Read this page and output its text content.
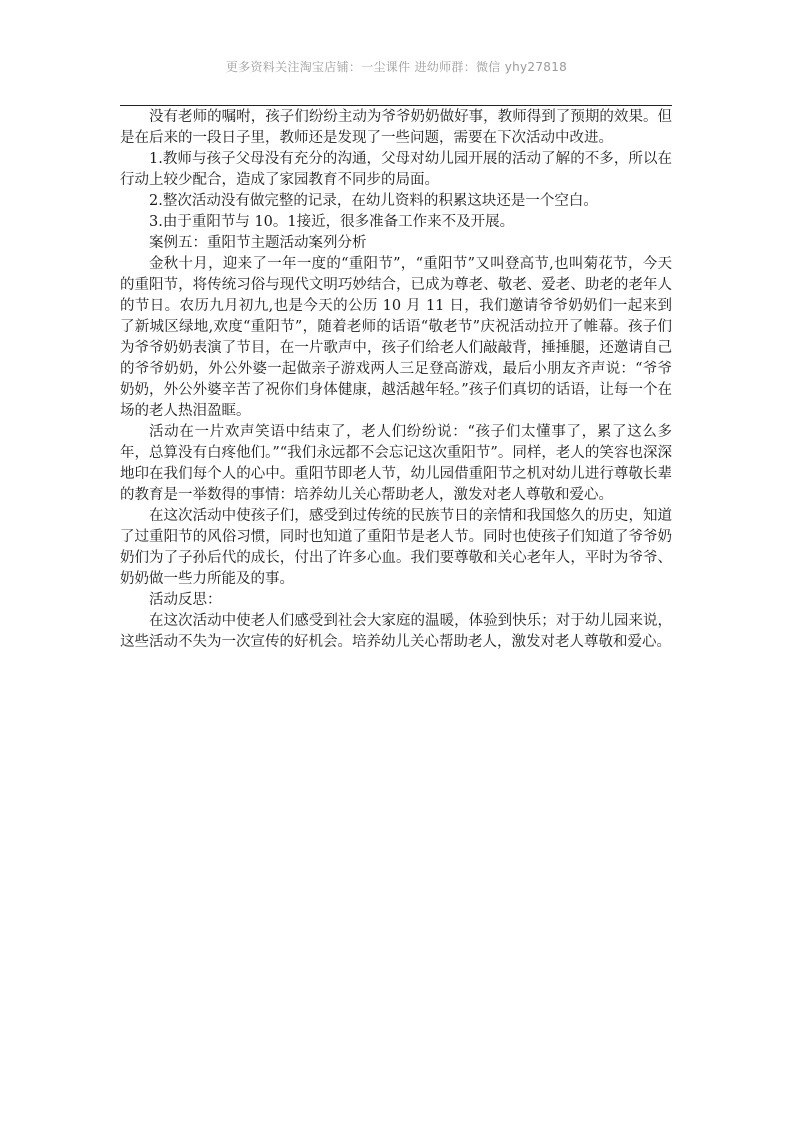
更多资料关注淘宝店铺：一尘课件 进幼师群：微信 yhy27818

没有老师的嘱咐，孩子们纷纷主动为爷爷奶奶做好事，教师得到了预期的效果。但是在后来的一段日子里，教师还是发现了一些问题，需要在下次活动中改进。

1.教师与孩子父母没有充分的沟通，父母对幼儿园开展的活动了解的不多，所以在行动上较少配合，造成了家园教育不同步的局面。

2.整次活动没有做完整的记录，在幼儿资料的积累这块还是一个空白。

3.由于重阳节与 10。1接近，很多准备工作来不及开展。

案例五：重阳节主题活动案列分析

金秋十月，迎来了一年一度的“重阳节”，“重阳节”又叫登高节,也叫菊花节，今天的重阳节，将传统习俗与现代文明巧妙结合，已成为尊老、敬老、爱老、助老的老年人的节日。农历九月初九,也是今天的公历 10 月 11 日，我们邀请爷爷奶奶们一起来到了新城区绿地,欢度“重阳节”，随着老师的话语“敬老节”庆祝活动拉开了帷幕。孩子们为爷爷奶奶表演了节目，在一片歌声中，孩子们给老人们敲敲背，捶捶腿，还邀请自己的爷爷奶奶，外公外婆一起做亲子游戏两人三足登高游戏，最后小朋友齐声说：“爷爷奶奶，外公外婆辛苦了祝你们身体健康，越活越年轻。”孩子们真切的话语，让每一个在场的老人热泪盈眶。

活动在一片欢声笑语中结束了，老人们纷纷说：“孩子们太懂事了，累了这么多年，总算没有白疼他们。”“我们永远都不会忘记这次重阳节”。同样，老人的笑容也深深地印在我们每个人的心中。重阳节即老人节，幼儿园借重阳节之机对幼儿进行尊敬长辈的教育是一举数得的事情：培养幼儿关心帮助老人，激发对老人尊敬和爱心。

在这次活动中使孩子们，感受到过传统的民族节日的亲情和我国悠久的历史，知道了过重阳节的风俗习惯，同时也知道了重阳节是老人节。同时也使孩子们知道了爷爷奶奶们为了子孙后代的成长，付出了许多心血。我们要尊敬和关心老年人，平时为爷爷、奶奶做一些力所能及的事。

活动反思：

在这次活动中使老人们感受到社会大家庭的温暖，体验到快乐；对于幼儿园来说，这些活动不失为一次宣传的好机会。培养幼儿关心帮助老人，激发对老人尊敬和爱心。
